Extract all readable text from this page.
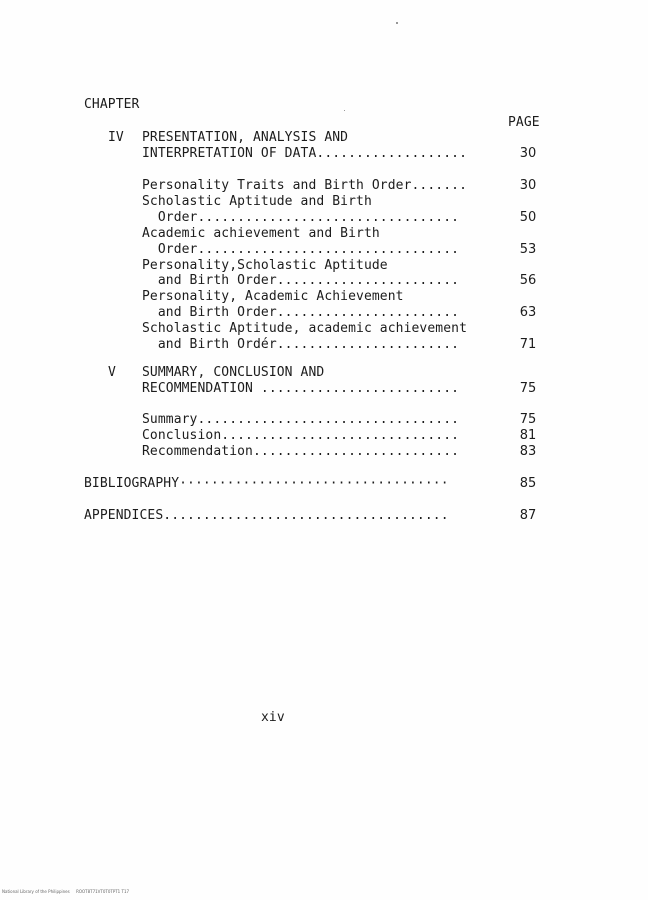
CHAPTER
PAGE
IV PRESENTATION, ANALYSIS AND
INTERPRETATION OF DATA...................	30
Personality Traits and Birth Order.......	30
Scholastic Aptitude and Birth
Order.................................	50
Academic achievement and Birth
Order.................................	53
Personality,Scholastic Aptitude
and Birth Order.......................	56
Personality, Academic Achievement
and Birth Order.......................	63
Scholastic Aptitude, academic achievement
and Birth Ordér.......................	71
V SUMMARY, CONCLUSION AND
RECOMMENDATION .........................	75
Summary.................................	75
Conclusion..............................	81
Recommendation..........................	83
BIBLIOGRAPHY··································	85
APPENDICES....................................	87
xiv
National Library of the Philippines     ROOT8T71VT0T0TPT1 T17
